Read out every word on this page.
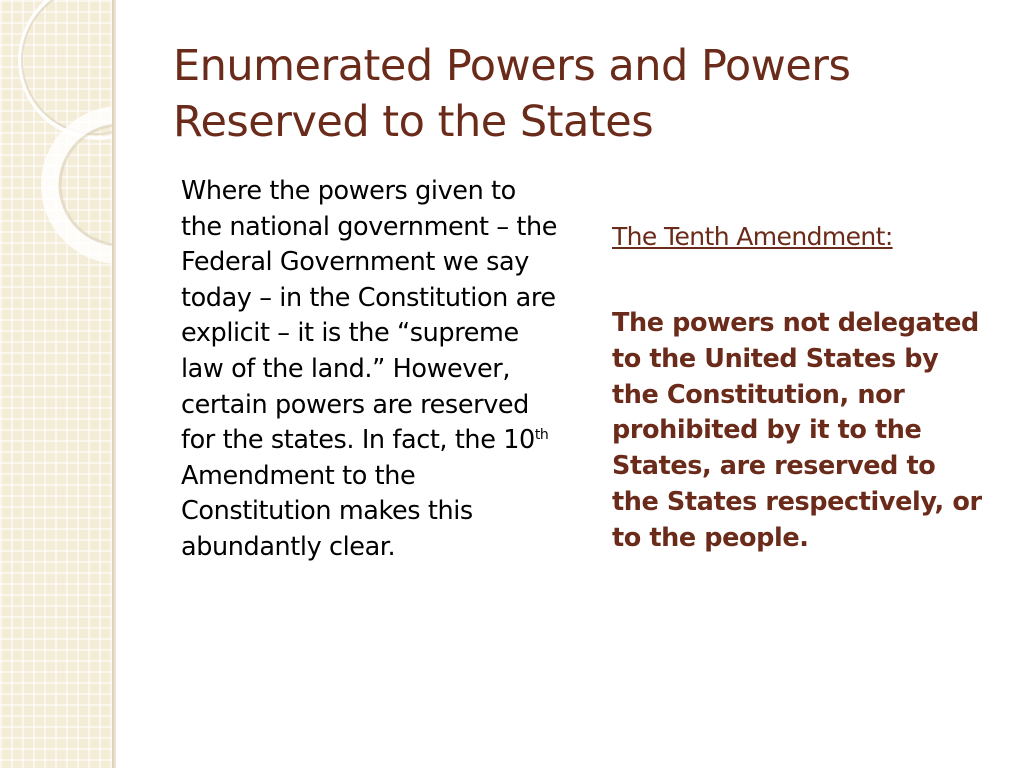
Enumerated Powers and Powers Reserved to the States

Where the powers given to the national government – the Federal Government we say today – in the Constitution are explicit – it is the “supreme law of the land.” However, certain powers are reserved for the states. In fact, the 10th Amendment to the Constitution makes this abundantly clear.

The Tenth Amendment:

The powers not delegated to the United States by the Constitution, nor prohibited by it to the States, are reserved to the States respectively, or to the people.
